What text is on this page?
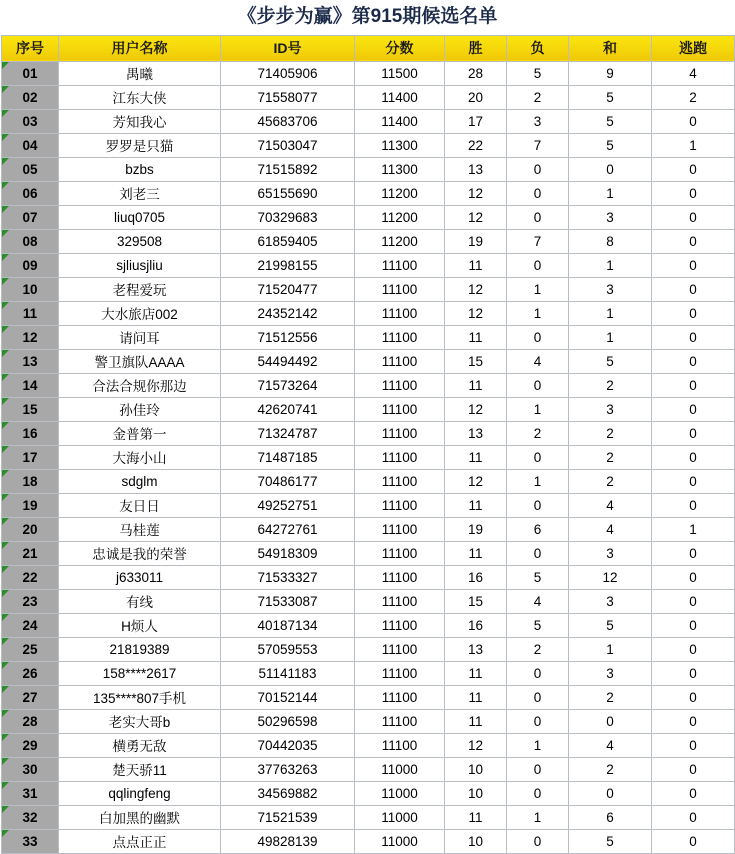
《步步为赢》第915期候选名单
序号	用户名称	ID号	分数	胜	负	和	逃跑
01	禺曦	71405906	11500	28	5	9	4
02	江东大侠	71558077	11400	20	2	5	2
03	芳知我心	45683706	11400	17	3	5	0
04	罗罗是只猫	71503047	11300	22	7	5	1
05	bzbs	71515892	11300	13	0	0	0
06	刘老三	65155690	11200	12	0	1	0
07	liuq0705	70329683	11200	12	0	3	0
08	329508	61859405	11200	19	7	8	0
09	sjliusjliu	21998155	11100	11	0	1	0
10	老程爱玩	71520477	11100	12	1	3	0
11	大水旅店002	24352142	11100	12	1	1	0
12	请问耳	71512556	11100	11	0	1	0
13	警卫旗队AAAA	54494492	11100	15	4	5	0
14	合法合规你那边	71573264	11100	11	0	2	0
15	孙佳玲	42620741	11100	12	1	3	0
16	金普第一	71324787	11100	13	2	2	0
17	大海小山	71487185	11100	11	0	2	0
18	sdglm	70486177	11100	12	1	2	0
19	友日日	49252751	11100	11	0	4	0
20	马桂莲	64272761	11100	19	6	4	1
21	忠诚是我的荣誉	54918309	11100	11	0	3	0
22	j633011	71533327	11100	16	5	12	0
23	有线	71533087	11100	15	4	3	0
24	H烦人	40187134	11100	16	5	5	0
25	21819389	57059553	11100	13	2	1	0
26	158****2617	51141183	11100	11	0	3	0
27	135****807手机	70152144	11100	11	0	2	0
28	老实大哥b	50296598	11100	11	0	0	0
29	横勇无敌	70442035	11100	12	1	4	0
30	楚天骄11	37763263	11000	10	0	2	0
31	qqlingfeng	34569882	11000	10	0	0	0
32	白加黑的幽默	71521539	11000	11	1	6	0
33	点点正正	49828139	11000	10	0	5	0
